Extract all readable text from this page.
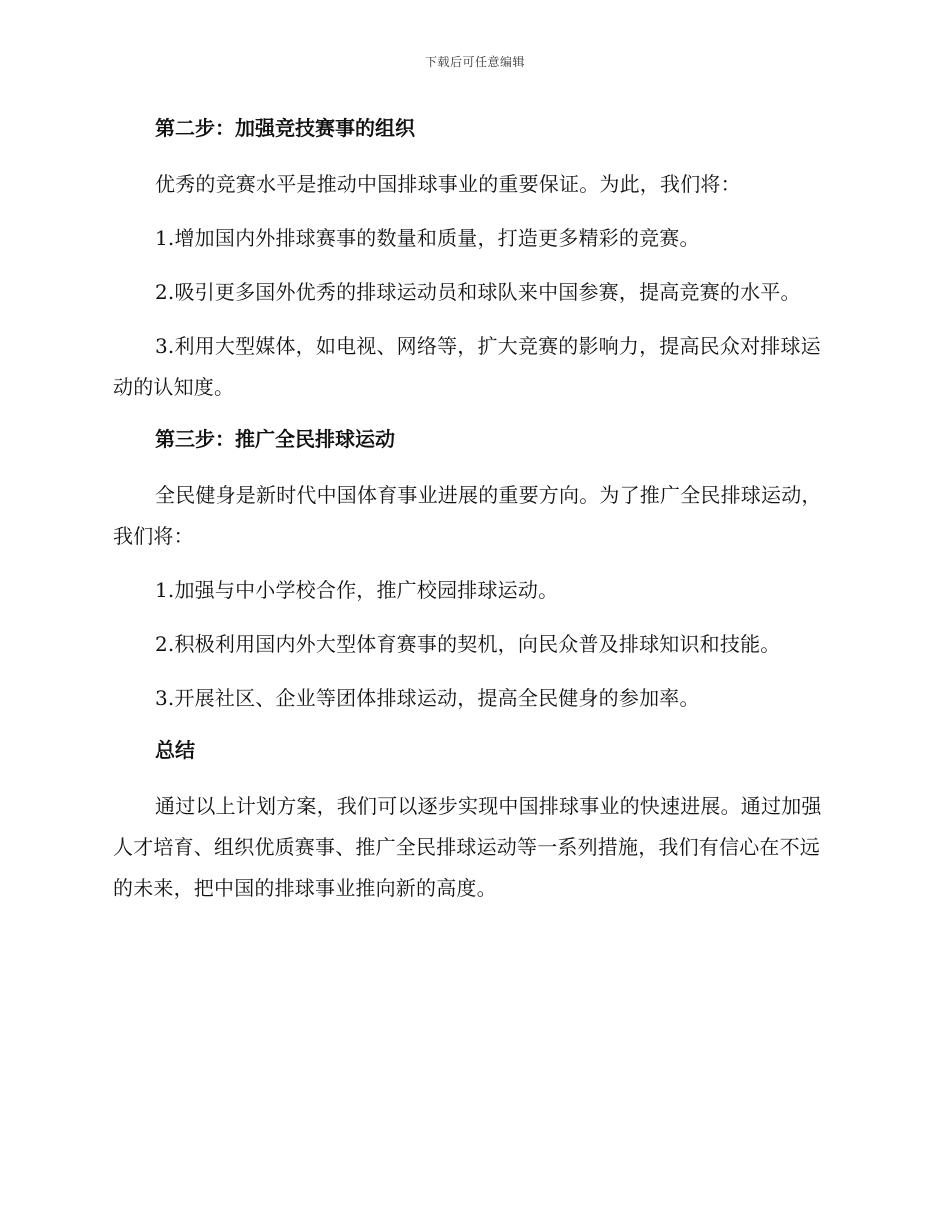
下载后可任意编辑
第二步：加强竞技赛事的组织

优秀的竞赛水平是推动中国排球事业的重要保证。为此，我们将：

1.增加国内外排球赛事的数量和质量，打造更多精彩的竞赛。

2.吸引更多国外优秀的排球运动员和球队来中国参赛，提高竞赛的水平。

3.利用大型媒体，如电视、网络等，扩大竞赛的影响力，提高民众对排球运动的认知度。

第三步：推广全民排球运动

全民健身是新时代中国体育事业进展的重要方向。为了推广全民排球运动，我们将：

1.加强与中小学校合作，推广校园排球运动。

2.积极利用国内外大型体育赛事的契机，向民众普及排球知识和技能。

3.开展社区、企业等团体排球运动，提高全民健身的参加率。

总结

通过以上计划方案，我们可以逐步实现中国排球事业的快速进展。通过加强人才培育、组织优质赛事、推广全民排球运动等一系列措施，我们有信心在不远的未来，把中国的排球事业推向新的高度。
